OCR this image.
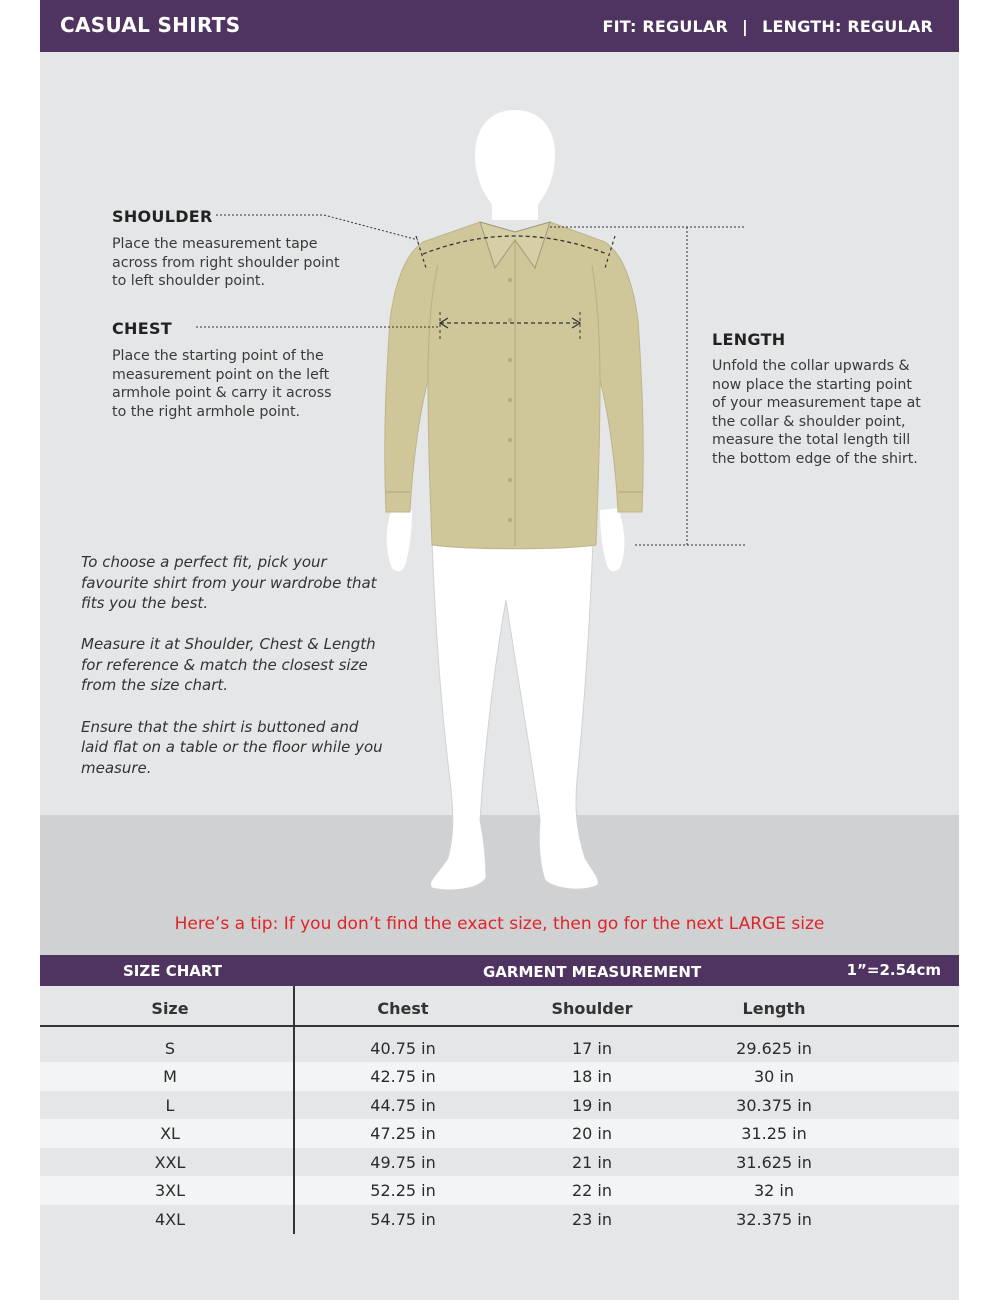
CASUAL SHIRTS	FIT: REGULAR | LENGTH: REGULAR
SHOULDER
Place the measurement tape
across from right shoulder point
to left shoulder point.
CHEST
Place the starting point of the
measurement point on the left
armhole point & carry it across
to the right armhole point.
LENGTH
Unfold the collar upwards &
now place the starting point
of your measurement tape at
the collar & shoulder point,
measure the total length till
the bottom edge of the shirt.

To choose a perfect fit, pick your
favourite shirt from your wardrobe that
fits you the best.

Measure it at Shoulder, Chest & Length
for reference & match the closest size
from the size chart.

Ensure that the shirt is buttoned and
laid flat on a table or the floor while you
measure.

Here’s a tip: If you don’t find the exact size, then go for the next LARGE size
SIZE CHART	GARMENT MEASUREMENT	1”=2.54cm
Size	Chest	Shoulder	Length
S	40.75 in	17 in	29.625 in
M	42.75 in	18 in	30 in
L	44.75 in	19 in	30.375 in
XL	47.25 in	20 in	31.25 in
XXL	49.75 in	21 in	31.625 in
3XL	52.25 in	22 in	32 in
4XL	54.75 in	23 in	32.375 in
